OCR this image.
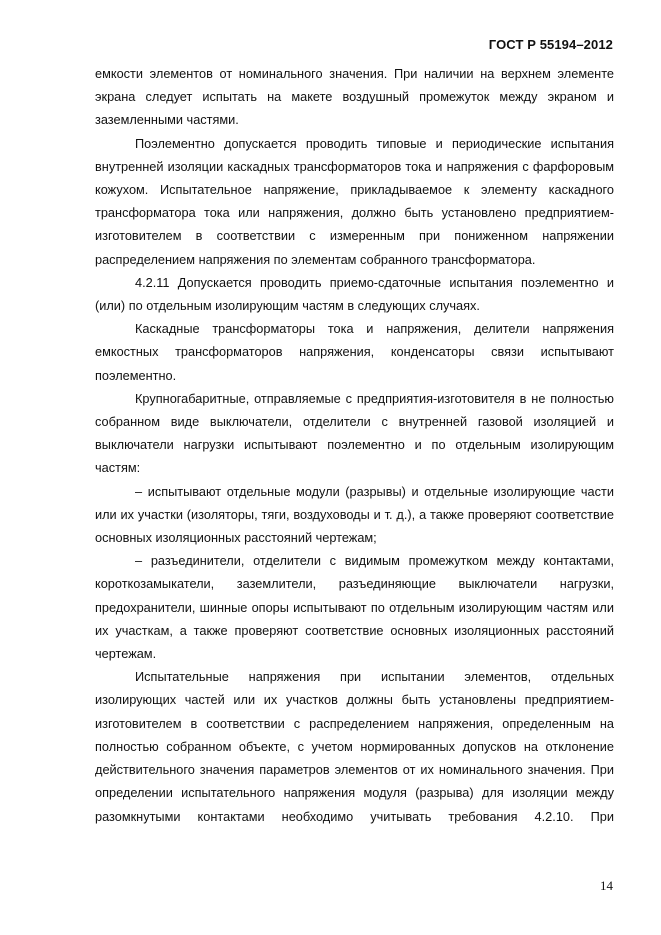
ГОСТ Р 55194–2012

емкости элементов от номинального значения. При наличии на верхнем элементе экрана следует испытать на макете воздушный промежуток между экраном и заземленными частями.

Поэлементно допускается проводить типовые и периодические испытания внутренней изоляции каскадных трансформаторов тока и напряжения с фарфоровым кожухом. Испытательное напряжение, прикладываемое к элементу каскадного трансформатора тока или напряжения, должно быть установлено предприятием-изготовителем в соответствии с измеренным при пониженном напряжении распределением напряжения по элементам собранного трансформатора.

4.2.11 Допускается проводить приемо-сдаточные испытания поэлементно и (или) по отдельным изолирующим частям в следующих случаях.

Каскадные трансформаторы тока и напряжения, делители напряжения емкостных трансформаторов напряжения, конденсаторы связи испытывают поэлементно.

Крупногабаритные, отправляемые с предприятия-изготовителя в не полностью собранном виде выключатели, отделители с внутренней газовой изоляцией и выключатели нагрузки испытывают поэлементно и по отдельным изолирующим частям:

– испытывают отдельные модули (разрывы) и отдельные изолирующие части или их участки (изоляторы, тяги, воздуховоды и т. д.), а также проверяют соответствие основных изоляционных расстояний чертежам;

– разъединители, отделители с видимым промежутком между контактами, короткозамыкатели, заземлители, разъединяющие выключатели нагрузки, предохранители, шинные опоры испытывают по отдельным изолирующим частям или их участкам, а также проверяют соответствие основных изоляционных расстояний чертежам.

Испытательные напряжения при испытании элементов, отдельных изолирующих частей или их участков должны быть установлены предприятием-изготовителем в соответствии с распределением напряжения, определенным на полностью собранном объекте, с учетом нормированных допусков на отклонение действительного значения параметров элементов от их номинального значения. При определении испытательного напряжения модуля (разрыва) для изоляции между разомкнутыми контактами необходимо учитывать требования 4.2.10. При

14
